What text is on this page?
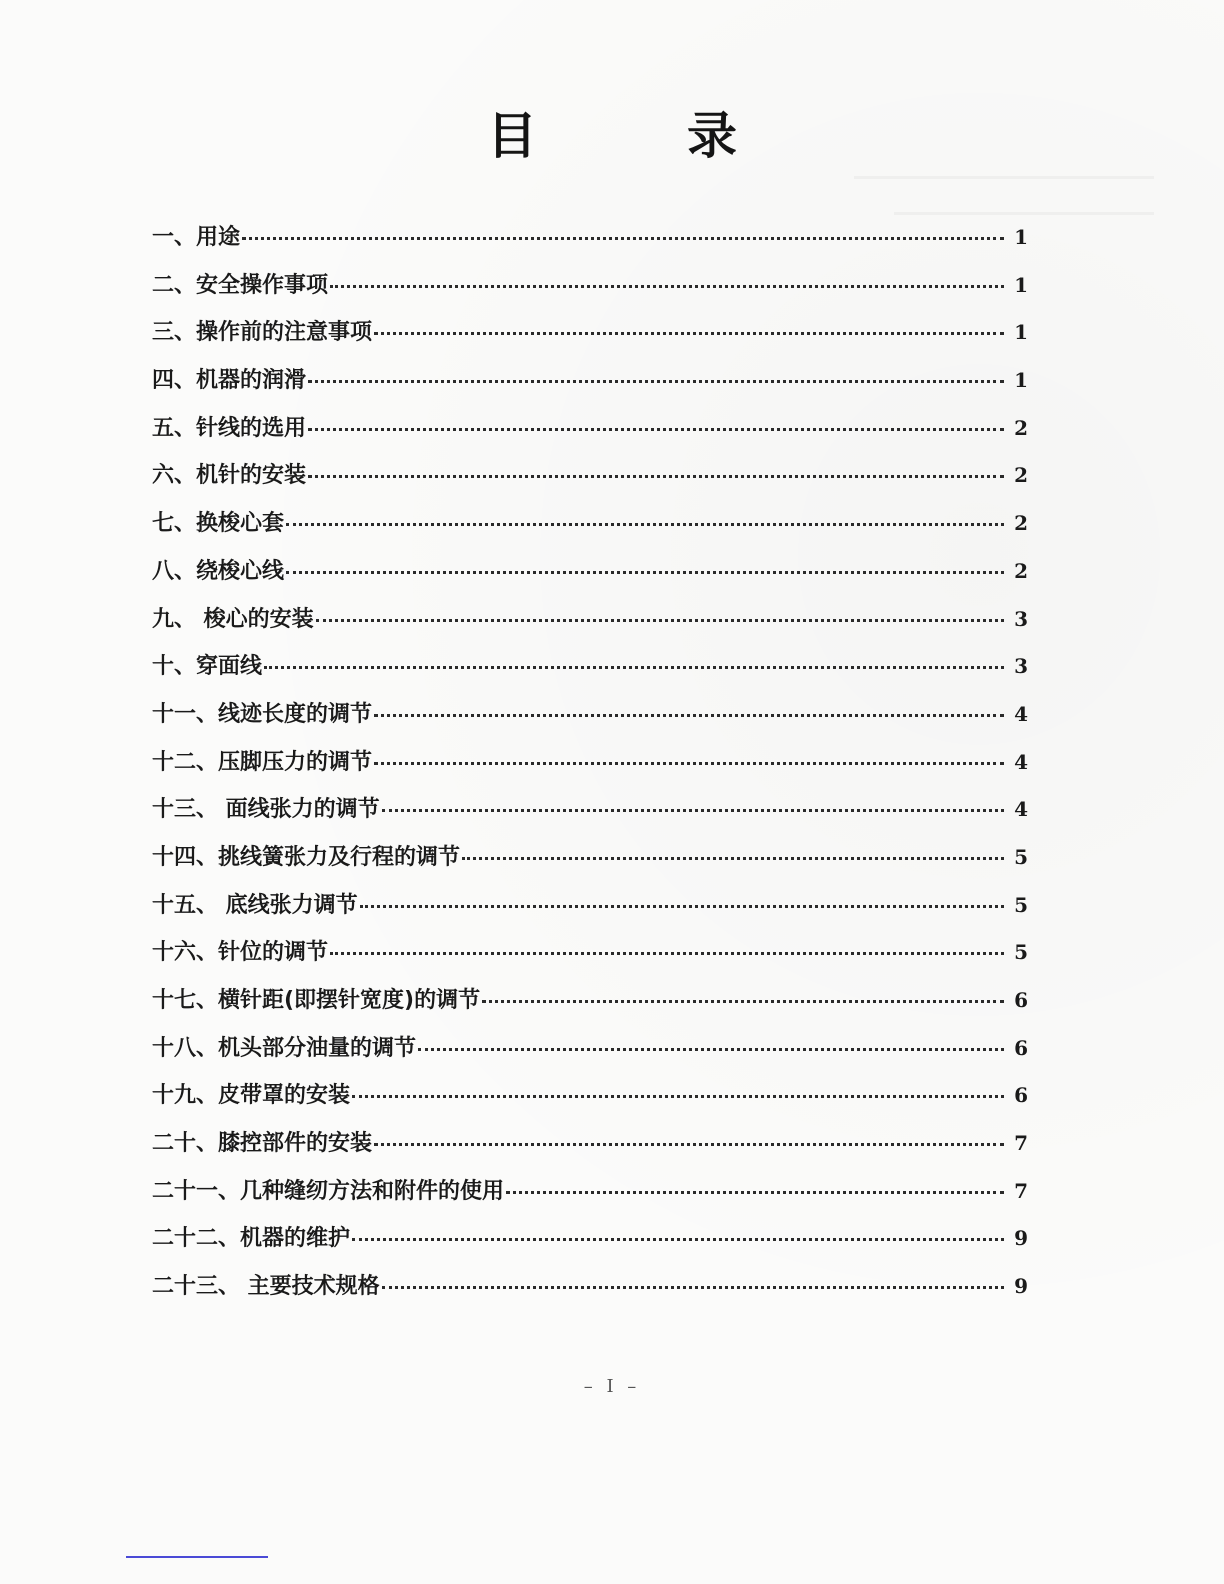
目	录
一、用途	1
二、安全操作事项	1
三、操作前的注意事项	1
四、机器的润滑	1
五、针线的选用	2
六、机针的安装	2
七、换梭心套	2
八、绕梭心线	2
九、 梭心的安装	3
十、穿面线	3
十一、线迹长度的调节	4
十二、压脚压力的调节	4
十三、 面线张力的调节	4
十四、挑线簧张力及行程的调节	5
十五、 底线张力调节	5
十六、针位的调节	5
十七、横针距(即摆针宽度)的调节	6
十八、机头部分油量的调节	6
十九、皮带罩的安装	6
二十、膝控部件的安装	7
二十一、几种缝纫方法和附件的使用	7
二十二、机器的维护	9
二十三、 主要技术规格	9
– I –
